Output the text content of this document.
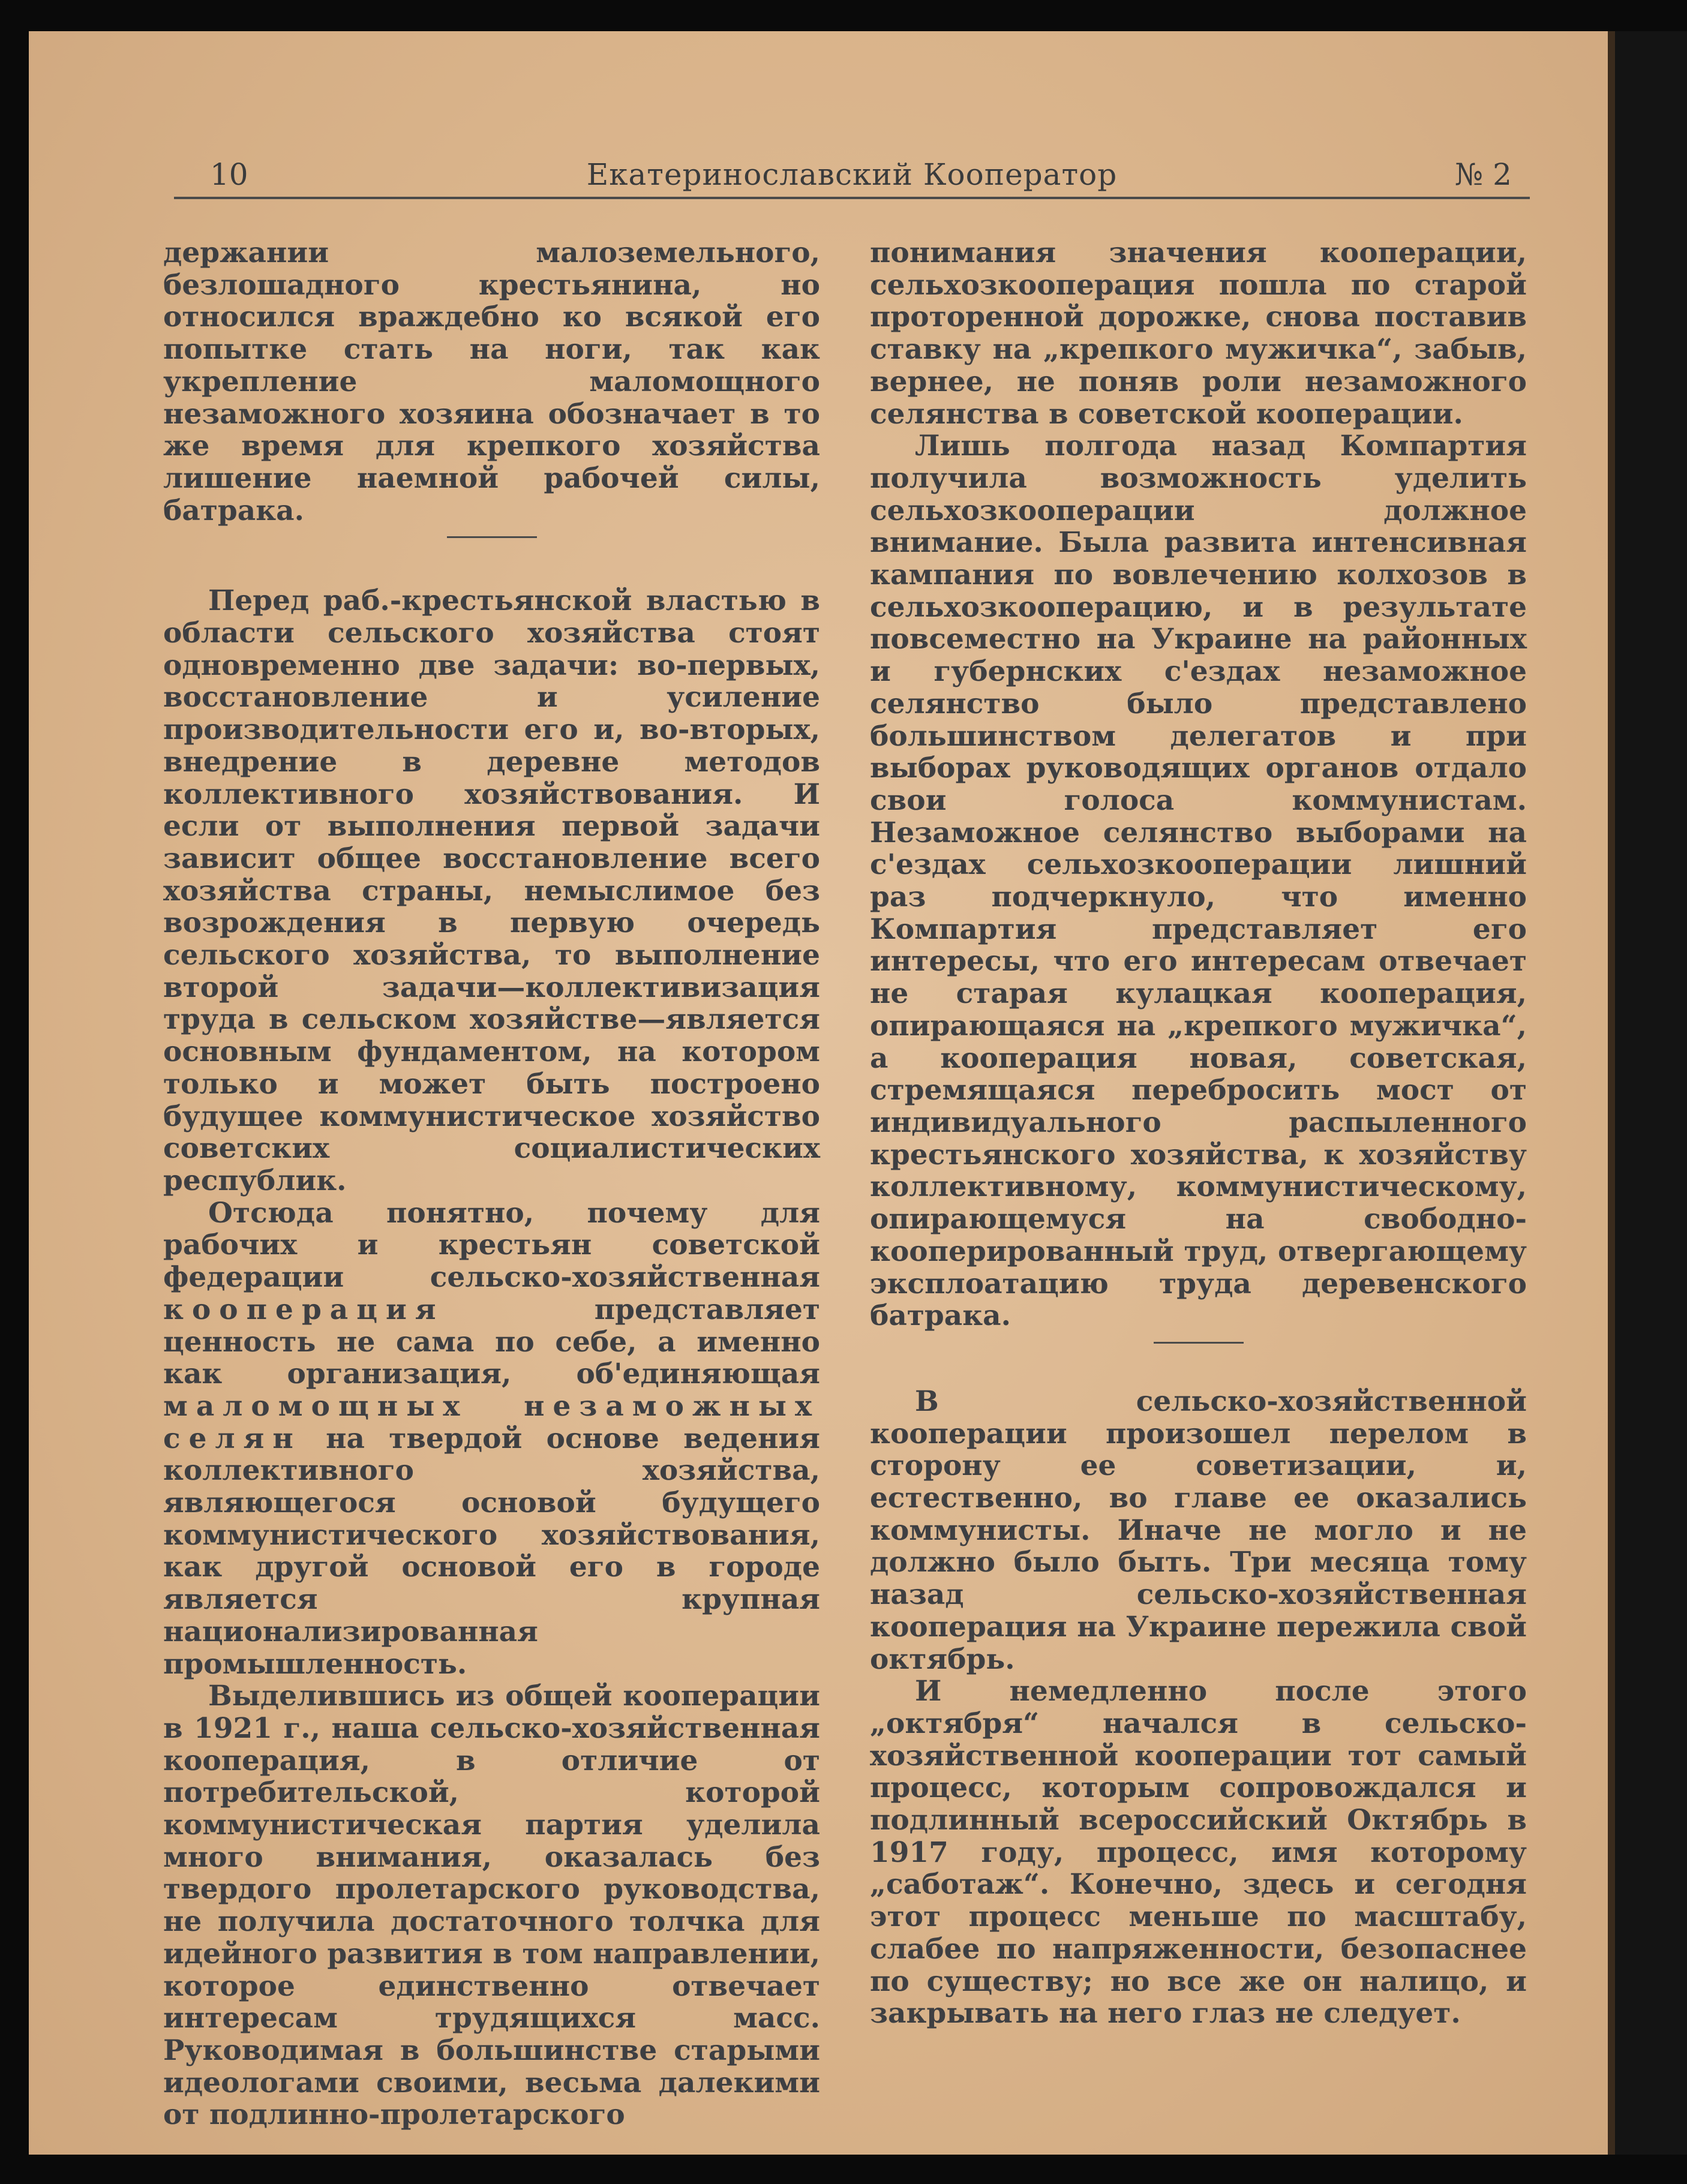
10	Екатеринославский Кооператор	№ 2

держании малоземельного, безлошадного крестьянина, но относился враждебно ко всякой его попытке стать на ноги, так как укрепление маломощного незаможного хозяина обозначает в то же время для крепкого хозяйства лишение наемной рабочей силы, батрака.

Перед раб.-крестьянской властью в области сельского хозяйства стоят одновременно две задачи: во-первых, восстановление и усиление производительности его и, во-вторых, внедрение в деревне методов коллективного хозяйствования. И если от выполнения первой задачи зависит общее восстановление всего хозяйства страны, немыслимое без возрождения в первую очередь сельского хозяйства, то выполнение второй задачи—коллективизация труда в сельском хозяйстве—является основным фундаментом, на котором только и может быть построено будущее коммунистическое хозяйство советских социалистических республик.

Отсюда понятно, почему для рабочих и крестьян советской федерации сельско-хозяйственная кооперация представляет ценность не сама по себе, а именно как организация, об'единяющая маломощных незаможных селян на твердой основе ведения коллективного хозяйства, являющегося основой будущего коммунистического хозяйствования, как другой основой его в городе является крупная национализированная промышленность.

Выделившись из общей кооперации в 1921 г., наша сельско-хозяйственная кооперация, в отличие от потребительской, которой коммунистическая партия уделила много внимания, оказалась без твердого пролетарского руководства, не получила достаточного толчка для идейного развития в том направлении, которое единственно отвечает интересам трудящихся масс. Руководимая в большинстве старыми идеологами своими, весьма далекими от подлинно-пролетарского

понимания значения кооперации, сельхозкооперация пошла по старой проторенной дорожке, снова поставив ставку на „крепкого мужичка“, забыв, вернее, не поняв роли незаможного селянства в советской кооперации.

Лишь полгода назад Компартия получила возможность уделить сельхозкооперации должное внимание. Была развита интенсивная кампания по вовлечению колхозов в сельхозкооперацию, и в результате повсеместно на Украине на районных и губернских с'ездах незаможное селянство было представлено большинством делегатов и при выборах руководящих органов отдало свои голоса коммунистам. Незаможное селянство выборами на с'ездах сельхозкооперации лишний раз подчеркнуло, что именно Компартия представляет его интересы, что его интересам отвечает не старая кулацкая кооперация, опирающаяся на „крепкого мужичка“, а кооперация новая, советская, стремящаяся перебросить мост от индивидуального распыленного крестьянского хозяйства, к хозяйству коллективному, коммунистическому, опирающемуся на свободно-кооперированный труд, отвергающему эксплоатацию труда деревенского батрака.

В сельско-хозяйственной кооперации произошел перелом в сторону ее советизации, и, естественно, во главе ее оказались коммунисты. Иначе не могло и не должно было быть. Три месяца тому назад сельско-хозяйственная кооперация на Украине пережила свой октябрь.

И немедленно после этого „октября“ начался в сельско-хозяйственной кооперации тот самый процесс, которым сопровождался и подлинный всероссийский Октябрь в 1917 году, процесс, имя которому „саботаж“. Конечно, здесь и сегодня этот процесс меньше по масштабу, слабее по напряженности, безопаснее по существу; но все же он налицо, и закрывать на него глаз не следует.
